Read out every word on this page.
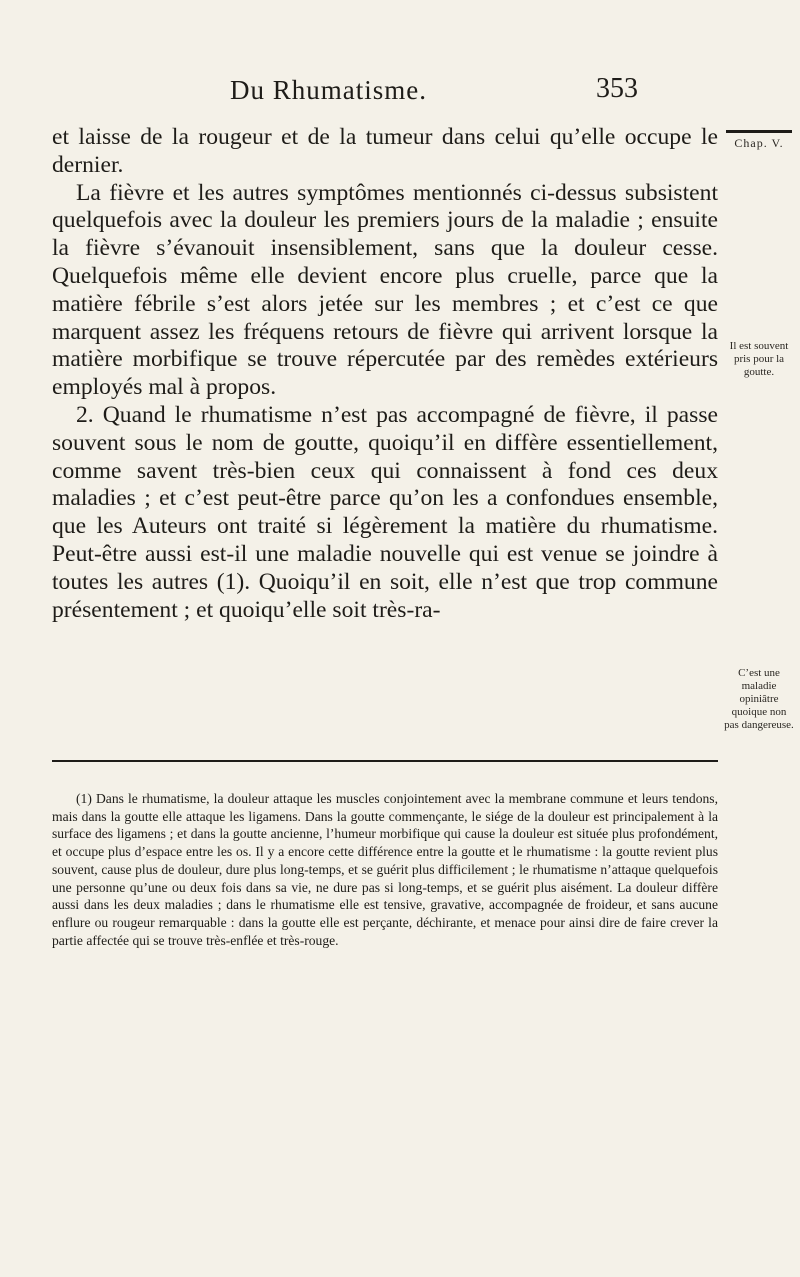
Du Rhumatisme.	353

et laisse de la rougeur et de la tumeur dans celui qu’elle occupe le dernier.

La fièvre et les autres symptômes mentionnés ci-dessus subsistent quelquefois avec la douleur les premiers jours de la maladie ; ensuite la fièvre s’évanouit insensiblement, sans que la douleur cesse. Quelquefois même elle devient encore plus cruelle, parce que la matière fébrile s’est alors jetée sur les membres ; et c’est ce que marquent assez les fréquens retours de fièvre qui arrivent lorsque la matière morbifique se trouve répercutée par des remèdes extérieurs employés mal à propos.

2. Quand le rhumatisme n’est pas accompagné de fièvre, il passe souvent sous le nom de goutte, quoiqu’il en diffère essentiellement, comme savent très-bien ceux qui connaissent à fond ces deux maladies ; et c’est peut-être parce qu’on les a confondues ensemble, que les Auteurs ont traité si légèrement la matière du rhumatisme. Peut-être aussi est-il une maladie nouvelle qui est venue se joindre à toutes les autres (1). Quoiqu’il en soit, elle n’est que trop commune présentement ; et quoiqu’elle soit très-ra-

Chap. V.
Il est souvent pris pour la goutte.
C’est une maladie opiniâtre quoique non pas dangereuse.

(1) Dans le rhumatisme, la douleur attaque les muscles conjointement avec la membrane commune et leurs tendons, mais dans la goutte elle attaque les ligamens. Dans la goutte commençante, le siége de la douleur est principalement à la surface des ligamens ; et dans la goutte ancienne, l’humeur morbifique qui cause la douleur est située plus profondément, et occupe plus d’espace entre les os. Il y a encore cette différence entre la goutte et le rhumatisme : la goutte revient plus souvent, cause plus de douleur, dure plus long-temps, et se guérit plus difficilement ; le rhumatisme n’attaque quelquefois une personne qu’une ou deux fois dans sa vie, ne dure pas si long-temps, et se guérit plus aisément. La douleur diffère aussi dans les deux maladies ; dans le rhumatisme elle est tensive, gravative, accompagnée de froideur, et sans aucune enflure ou rougeur remarquable : dans la goutte elle est perçante, déchirante, et menace pour ainsi dire de faire crever la partie affectée qui se trouve très-enflée et très-rouge.
